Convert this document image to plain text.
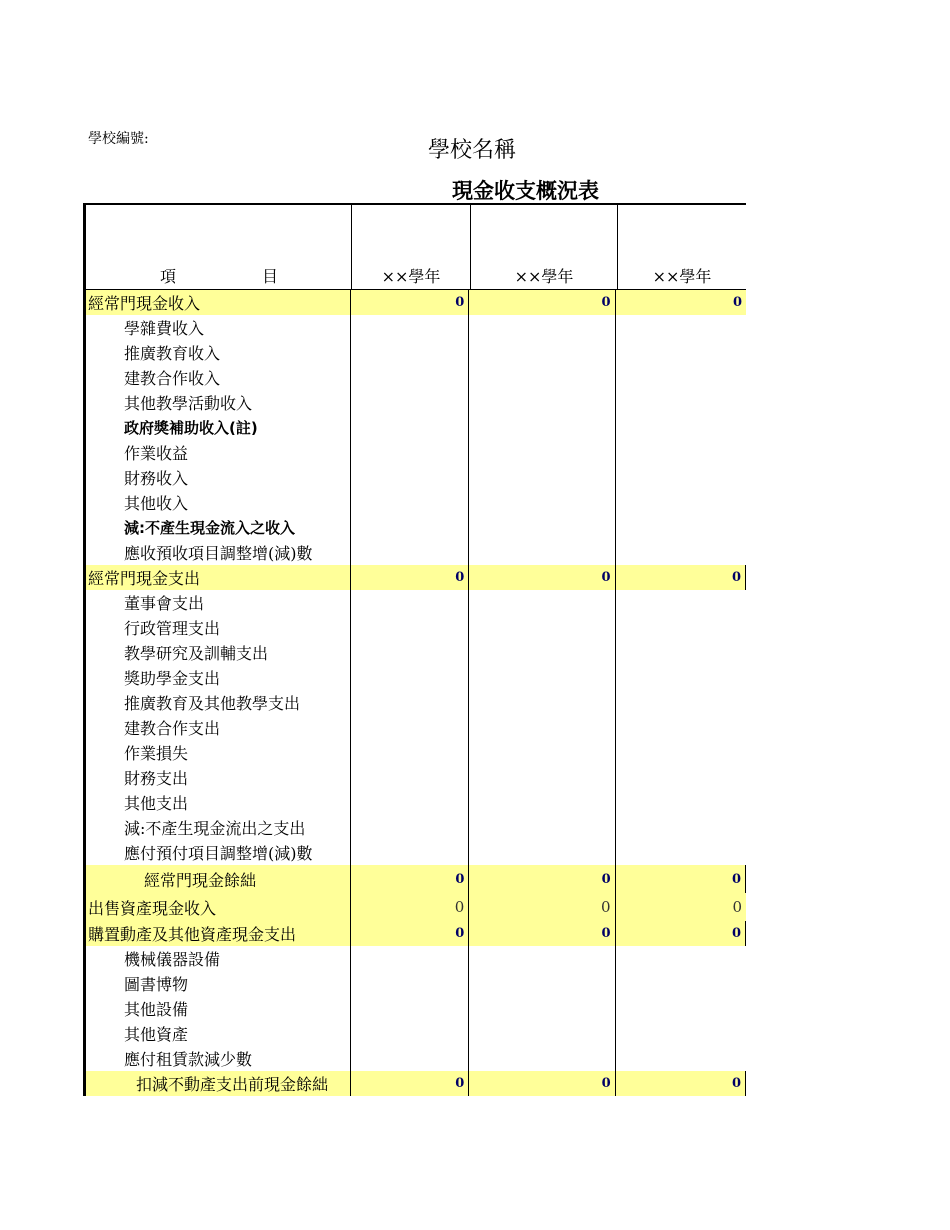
學校編號:	學校名稱
現金收支概況表
項	目	××學年	××學年	××學年
經常門現金收入	0	0	0
學雜費收入
推廣教育收入
建教合作收入
其他教學活動收入
政府獎補助收入(註)
作業收益
財務收入
其他收入
減:不產生現金流入之收入
應收預收項目調整增(減)數
經常門現金支出	0	0	0
董事會支出
行政管理支出
教學研究及訓輔支出
獎助學金支出
推廣教育及其他教學支出
建教合作支出
作業損失
財務支出
其他支出
減:不產生現金流出之支出
應付預付項目調整增(減)數
經常門現金餘絀	0	0	0
出售資產現金收入	0	0	0
購置動產及其他資產現金支出	0	0	0
機械儀器設備
圖書博物
其他設備
其他資產
應付租賃款減少數
扣減不動產支出前現金餘絀	0	0	0
